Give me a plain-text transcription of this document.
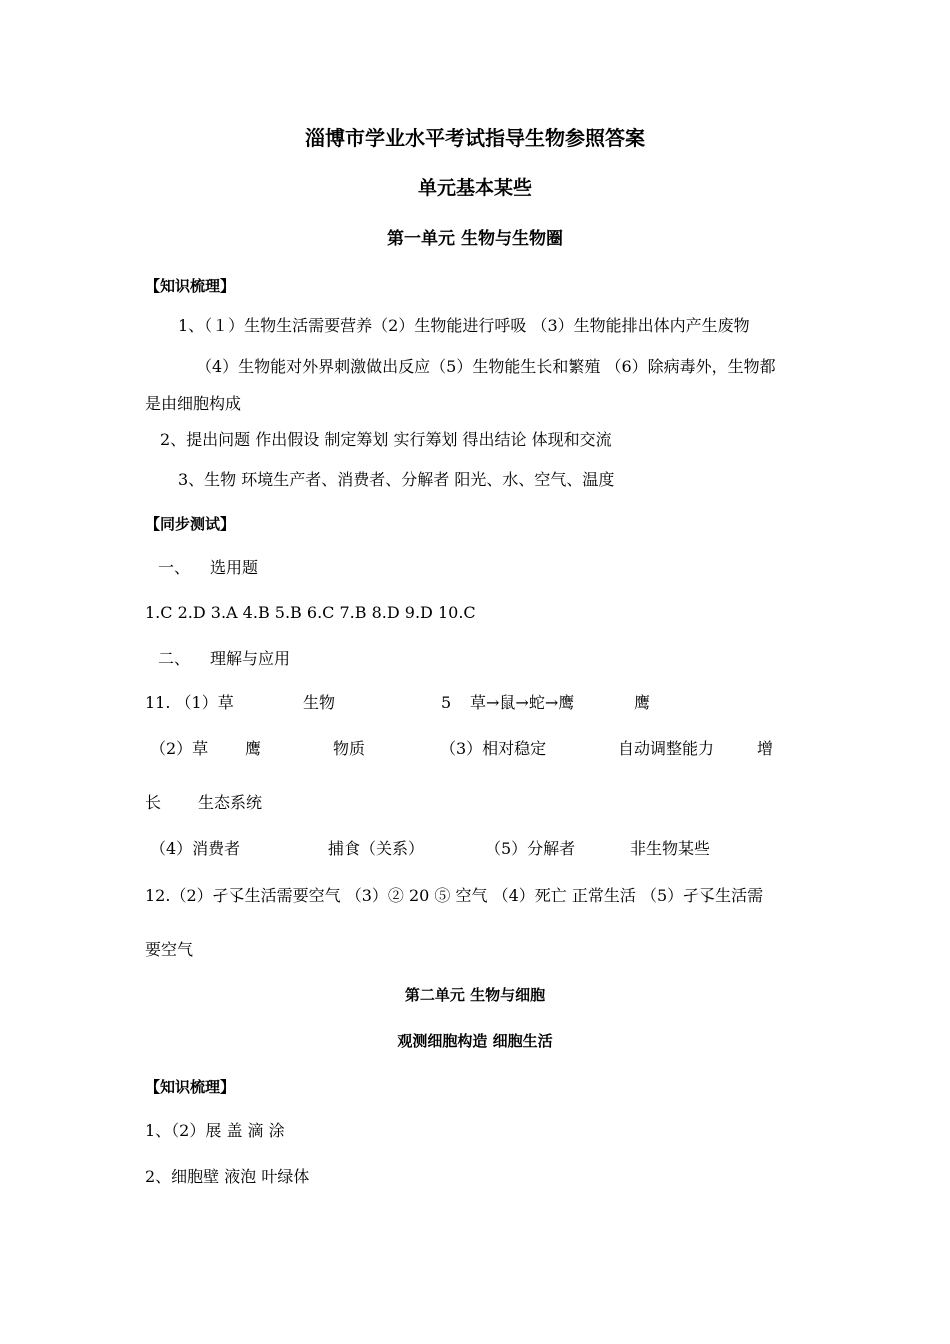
淄博市学业水平考试指导生物参照答案
单元基本某些
第一单元 生物与生物圈
【知识梳理】
1、（１）生物生活需要营养（2）生物能进行呼吸 （3）生物能排出体内产生废物
（4）生物能对外界刺激做出反应（5）生物能生长和繁殖 （6）除病毒外，生物都
是由细胞构成
2、提出问题 作出假设 制定筹划 实行筹划 得出结论 体现和交流
3、生物 环境生产者、消费者、分解者 阳光、水、空气、温度
【同步测试】
一、 选用题
1.C 2.D 3.A 4.B 5.B 6.C 7.B 8.D 9.D 10.C
二、 理解与应用
11. （1）草	生物	5 草→鼠→蛇→鹰	鹰
（2）草 鹰	物质	（3）相对稳定	自动调整能力	增
长 生态系统
（4）消费者	捕食（关系）	（5）分解者	非生物某些
12.（2）孑孓生活需要空气 （3）② 20 ⑤ 空气 （4）死亡 正常生活 （5）孑孓生活需
要空气
第二单元 生物与细胞
观测细胞构造 细胞生活
【知识梳理】
1、（2）展 盖 滴 涂
2、细胞壁 液泡 叶绿体
